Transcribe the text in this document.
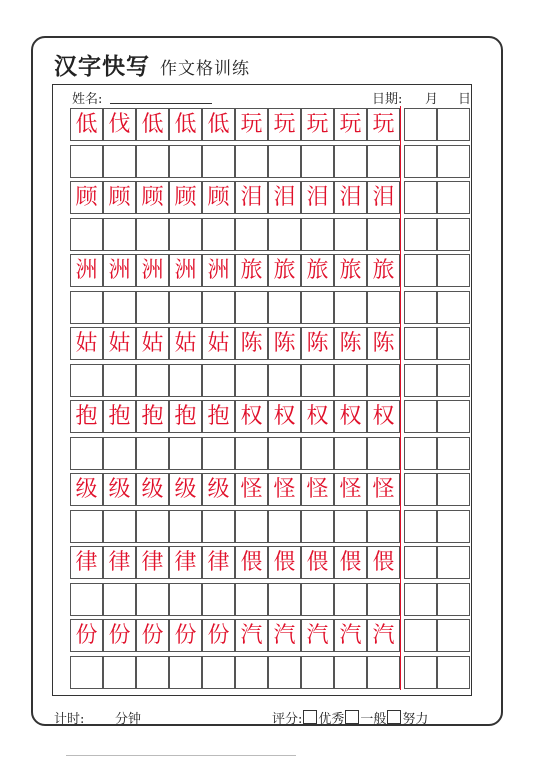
汉字快写 作文格训练
姓名:	日期: 月 日
计时: 分钟	评分: 优秀 一般 努力
低 伐 低 低 低 玩 玩 玩 玩 玩
顾 顾 顾 顾 顾 泪 泪 泪 泪 泪
洲 洲 洲 洲 洲 旅 旅 旅 旅 旅
姑 姑 姑 姑 姑 陈 陈 陈 陈 陈
抱 抱 抱 抱 抱 权 权 权 权 权
级 级 级 级 级 怪 怪 怪 怪 怪
律 律 律 律 律 偎 偎 偎 偎 偎
份 份 份 份 份 汽 汽 汽 汽 汽
